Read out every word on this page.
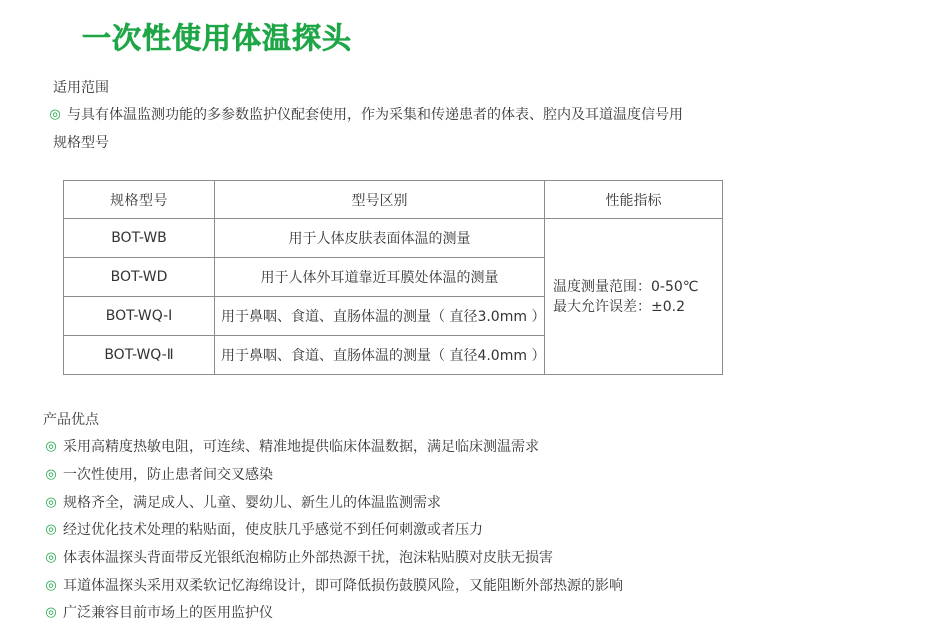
一次性使用体温探头
适用范围
◎ 与具有体温监测功能的多参数监护仪配套使用，作为采集和传递患者的体表、腔内及耳道温度信号用
规格型号
规格型号	型号区别	性能指标
BOT-WB	用于人体皮肤表面体温的测量	温度测量范围：0-50℃
最大允许误差：±0.2

BOT-WD	用于人体外耳道靠近耳膜处体温的测量	
BOT-WQ-Ⅰ	用于鼻咽、食道、直肠体温的测量（ 直径3.0mm ）	
BOT-WQ-Ⅱ	用于鼻咽、食道、直肠体温的测量（ 直径4.0mm ）	
产品优点
◎ 采用高精度热敏电阻，可连续、精准地提供临床体温数据，满足临床测温需求
◎ 一次性使用，防止患者间交叉感染
◎ 规格齐全，满足成人、儿童、婴幼儿、新生儿的体温监测需求
◎ 经过优化技术处理的粘贴面，使皮肤几乎感觉不到任何刺激或者压力
◎ 体表体温探头背面带反光银纸泡棉防止外部热源干扰，泡沫粘贴膜对皮肤无损害
◎ 耳道体温探头采用双柔软记忆海绵设计，即可降低损伤鼓膜风险，又能阻断外部热源的影响
◎ 广泛兼容目前市场上的医用监护仪
